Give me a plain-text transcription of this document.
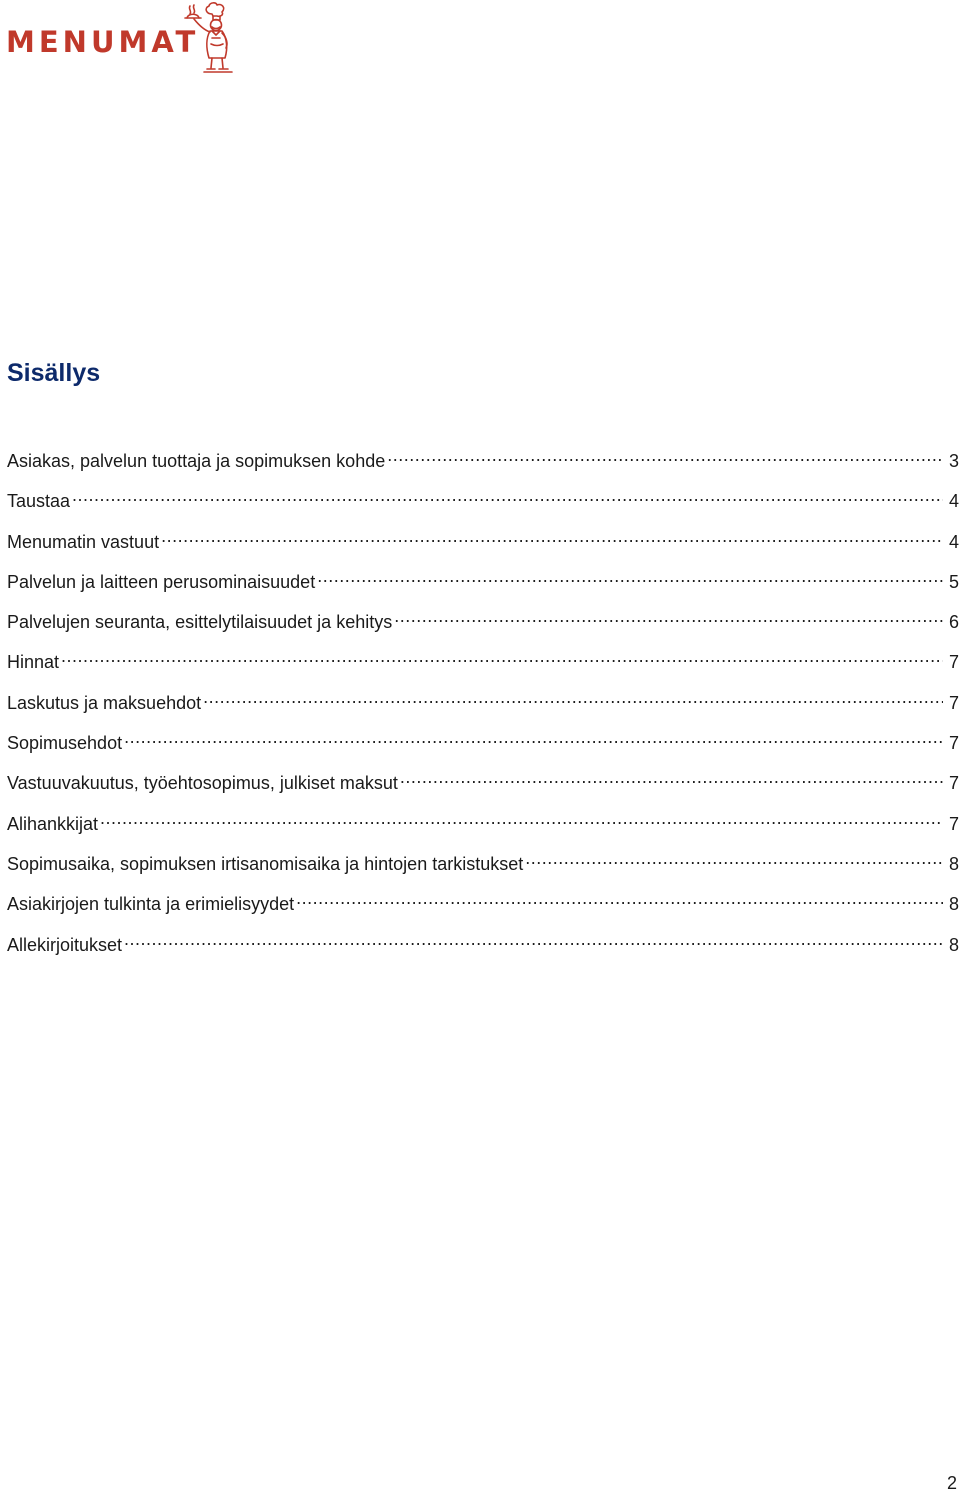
MENUMAT
Sisällys
Asiakas, palvelun tuottaja ja sopimuksen kohde .....	3
Taustaa .....	4
Menumatin vastuut .....	4
Palvelun ja laitteen perusominaisuudet .....	5
Palvelujen seuranta, esittelytilaisuudet ja kehitys .....	6
Hinnat .....	7
Laskutus ja maksuehdot .....	7
Sopimusehdot .....	7
Vastuuvakuutus, työehtosopimus, julkiset maksut .....	7
Alihankkijat .....	7
Sopimusaika, sopimuksen irtisanomisaika ja hintojen tarkistukset .....	8
Asiakirjojen tulkinta ja erimielisyydet .....	8
Allekirjoitukset .....	8
2
